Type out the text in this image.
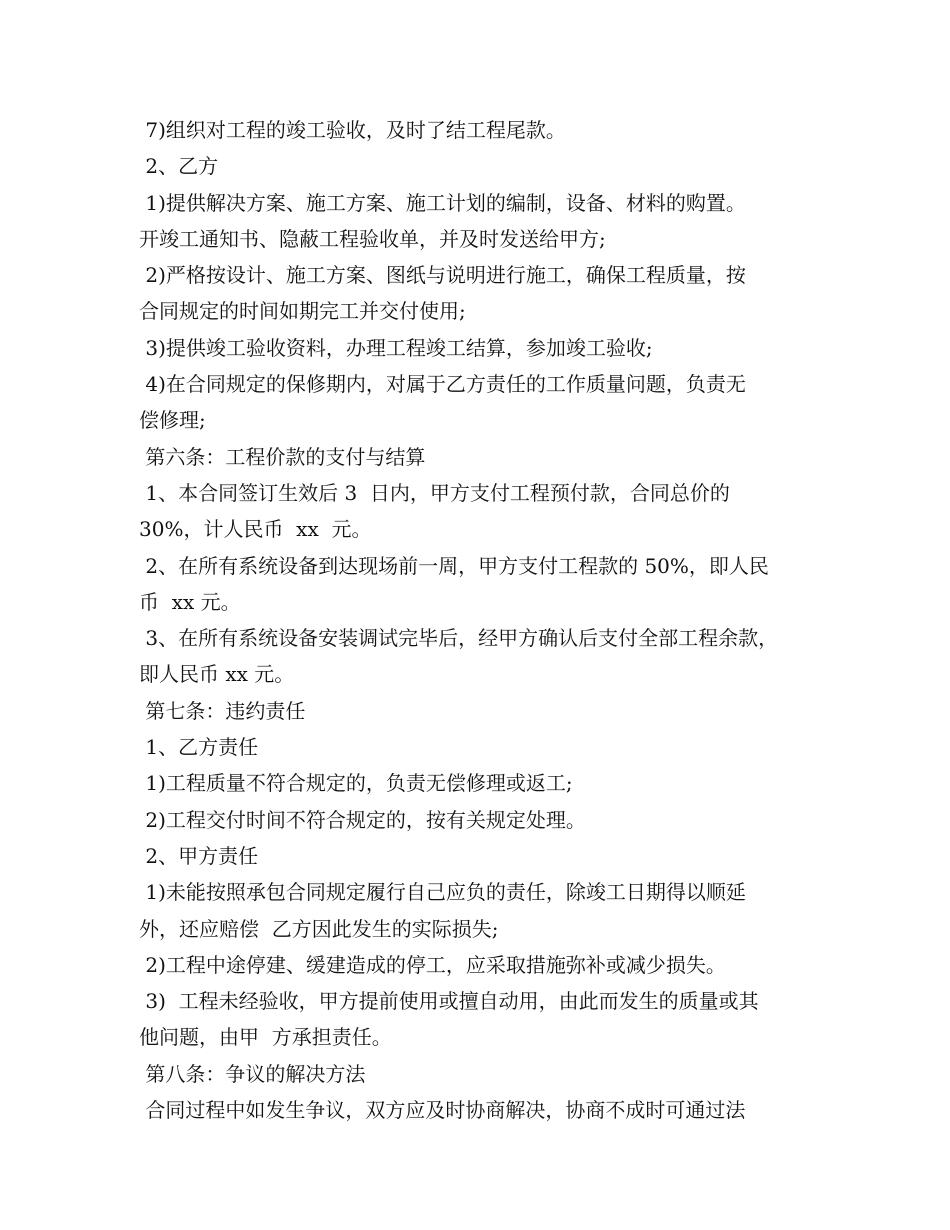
7)组织对工程的竣工验收，及时了结工程尾款。
2、乙方
1)提供解决方案、施工方案、施工计划的编制，设备、材料的购置。
开竣工通知书、隐蔽工程验收单，并及时发送给甲方;
2)严格按设计、施工方案、图纸与说明进行施工，确保工程质量，按
合同规定的时间如期完工并交付使用;
3)提供竣工验收资料，办理工程竣工结算，参加竣工验收;
4)在合同规定的保修期内，对属于乙方责任的工作质量问题，负责无
偿修理;
第六条：工程价款的支付与结算
1、本合同签订生效后 3  日内，甲方支付工程预付款，合同总价的
30%，计人民币  xx  元。
2、在所有系统设备到达现场前一周，甲方支付工程款的 50%，即人民
币  xx 元。
3、在所有系统设备安装调试完毕后，经甲方确认后支付全部工程余款，
即人民币 xx 元。
第七条：违约责任
1、乙方责任
1)工程质量不符合规定的，负责无偿修理或返工;
2)工程交付时间不符合规定的，按有关规定处理。
2、甲方责任
1)未能按照承包合同规定履行自己应负的责任，除竣工日期得以顺延
外，还应赔偿  乙方因此发生的实际损失;
2)工程中途停建、缓建造成的停工，应采取措施弥补或减少损失。
3)  工程未经验收，甲方提前使用或擅自动用，由此而发生的质量或其
他问题，由甲  方承担责任。
第八条：争议的解决方法
合同过程中如发生争议，双方应及时协商解决，协商不成时可通过法
